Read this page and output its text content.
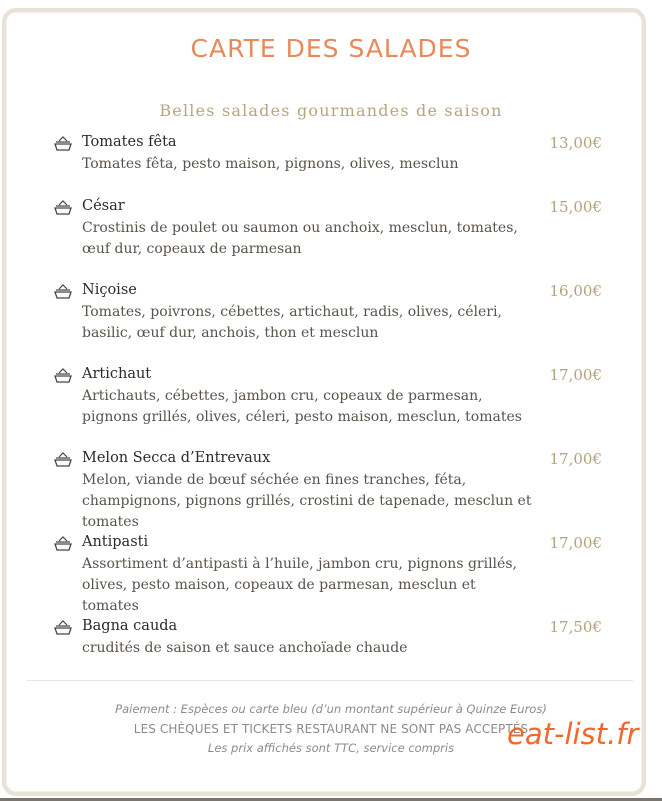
CARTE DES SALADES
Belles salades gourmandes de saison
Tomates fêta
Tomates fêta, pesto maison, pignons, olives, mesclun
13,00€
César
Crostinis de poulet ou saumon ou anchoix, mesclun, tomates, œuf dur, copeaux de parmesan
15,00€
Niçoise
Tomates, poivrons, cébettes, artichaut, radis, olives, céleri, basilic, œuf dur, anchois, thon et mesclun
16,00€
Artichaut
Artichauts, cébettes, jambon cru, copeaux de parmesan, pignons grillés, olives, céleri, pesto maison, mesclun, tomates
17,00€
Melon Secca d’Entrevaux
Melon, viande de bœuf séchée en fines tranches, féta, champignons, pignons grillés, crostini de tapenade, mesclun et tomates
17,00€
Antipasti
Assortiment d’antipasti à l’huile, jambon cru, pignons grillés, olives, pesto maison, copeaux de parmesan, mesclun et tomates
17,00€
Bagna cauda
crudités de saison et sauce anchoïade chaude
17,50€
Paiement : Espèces ou carte bleu (d’un montant supérieur à Quinze Euros)
LES CHÈQUES ET TICKETS RESTAURANT NE SONT PAS ACCEPTÉS
Les prix affichés sont TTC, service compris	eat-list.fr
